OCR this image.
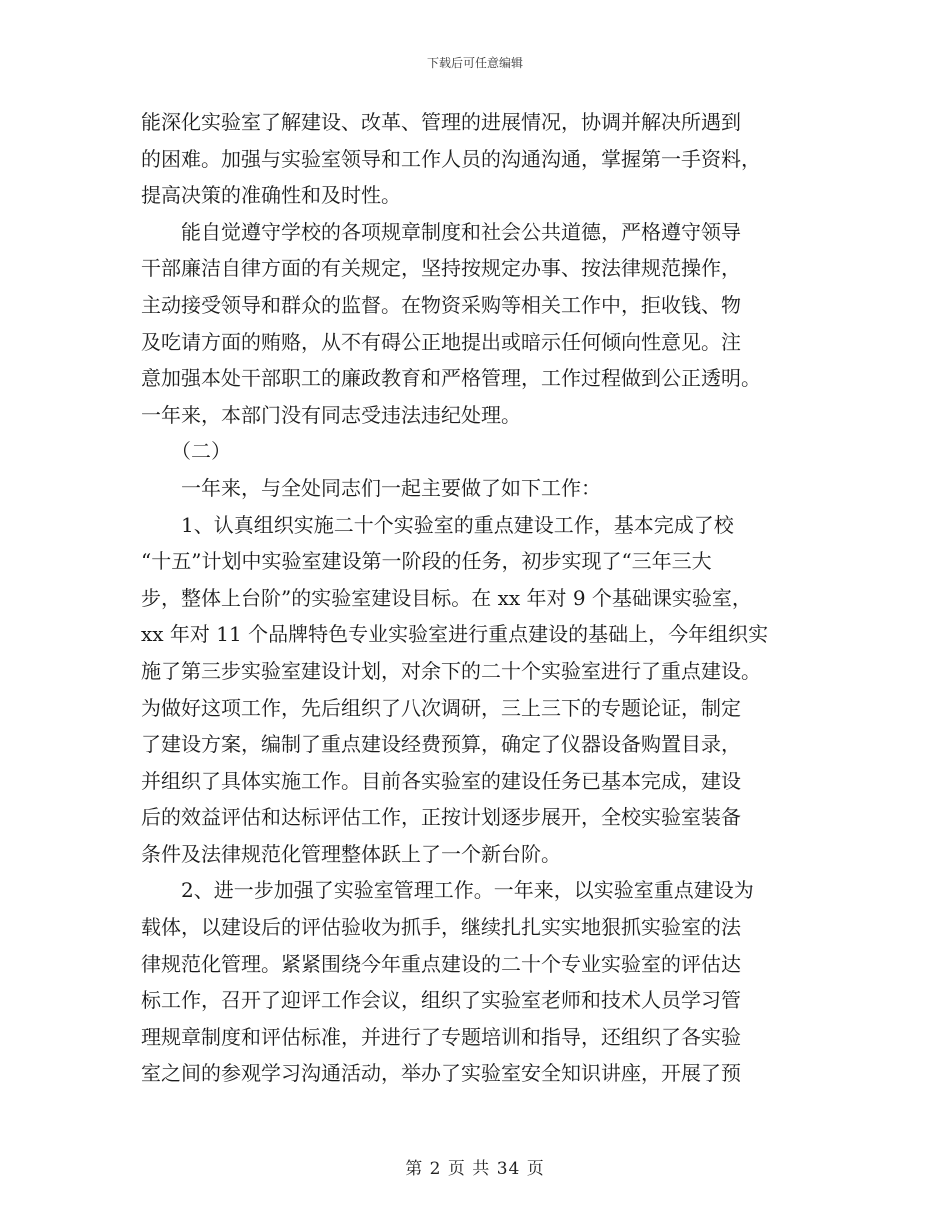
下载后可任意编辑
能深化实验室了解建设、改革、管理的进展情况，协调并解决所遇到
的困难。加强与实验室领导和工作人员的沟通沟通，掌握第一手资料，
提高决策的准确性和及时性。
　　能自觉遵守学校的各项规章制度和社会公共道德，严格遵守领导
干部廉洁自律方面的有关规定，坚持按规定办事、按法律规范操作，
主动接受领导和群众的监督。在物资采购等相关工作中，拒收钱、物
及吃请方面的贿赂，从不有碍公正地提出或暗示任何倾向性意见。注
意加强本处干部职工的廉政教育和严格管理，工作过程做到公正透明。
一年来，本部门没有同志受违法违纪处理。
　　（二）
　　一年来，与全处同志们一起主要做了如下工作：
　　1、认真组织实施二十个实验室的重点建设工作，基本完成了校
“十五”计划中实验室建设第一阶段的任务，初步实现了“三年三大
步，整体上台阶”的实验室建设目标。在 xx 年对 9 个基础课实验室，
xx 年对 11 个品牌特色专业实验室进行重点建设的基础上，今年组织实
施了第三步实验室建设计划，对余下的二十个实验室进行了重点建设。
为做好这项工作，先后组织了八次调研，三上三下的专题论证，制定
了建设方案，编制了重点建设经费预算，确定了仪器设备购置目录，
并组织了具体实施工作。目前各实验室的建设任务已基本完成，建设
后的效益评估和达标评估工作，正按计划逐步展开，全校实验室装备
条件及法律规范化管理整体跃上了一个新台阶。
　　2、进一步加强了实验室管理工作。一年来，以实验室重点建设为
载体，以建设后的评估验收为抓手，继续扎扎实实地狠抓实验室的法
律规范化管理。紧紧围绕今年重点建设的二十个专业实验室的评估达
标工作，召开了迎评工作会议，组织了实验室老师和技术人员学习管
理规章制度和评估标准，并进行了专题培训和指导，还组织了各实验
室之间的参观学习沟通活动，举办了实验室安全知识讲座，开展了预
第 2 页 共 34 页
